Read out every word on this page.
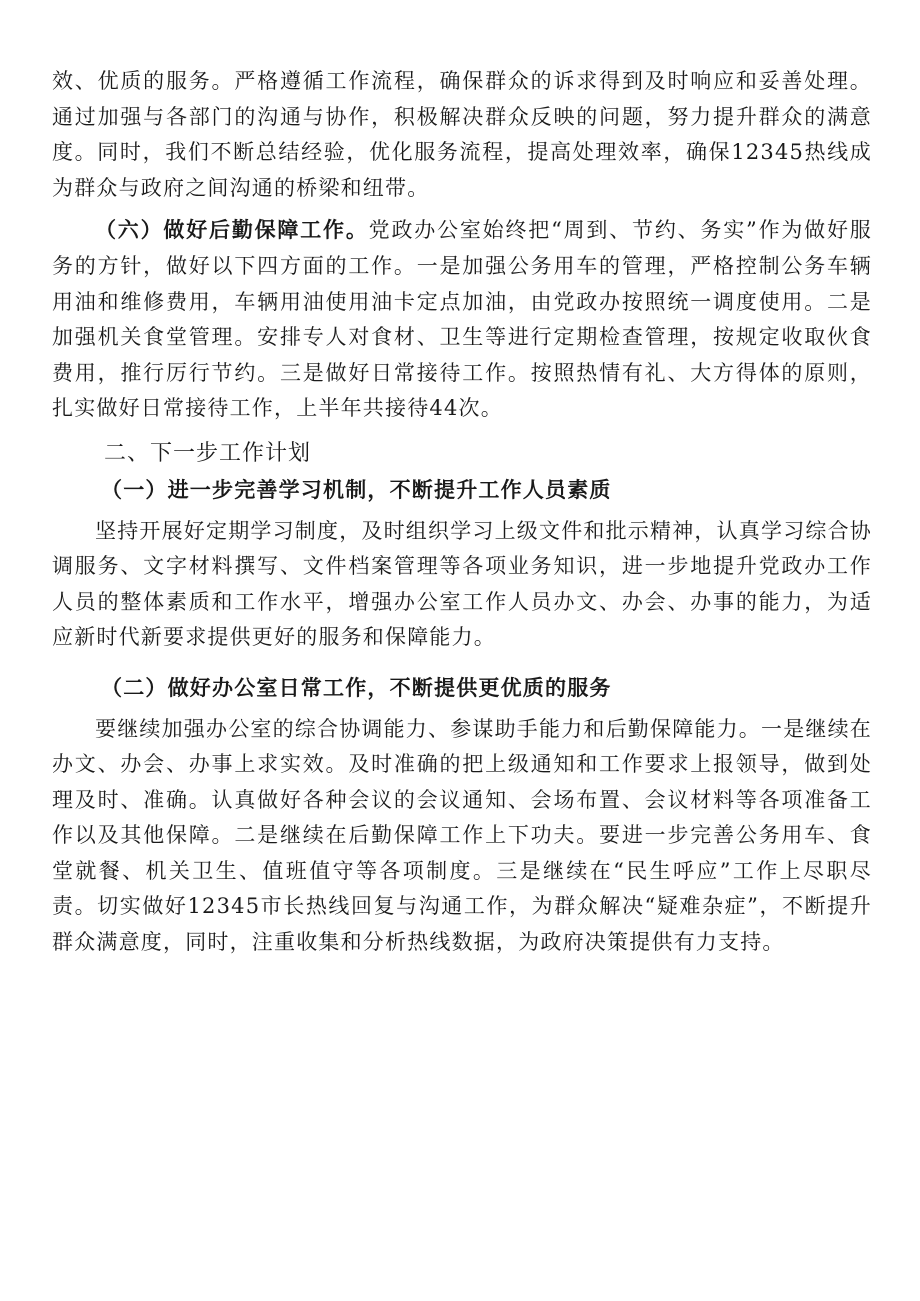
效、优质的服务。严格遵循工作流程，确保群众的诉求得到及时响应和妥善处理。通过加强与各部门的沟通与协作，积极解决群众反映的问题，努力提升群众的满意度。同时，我们不断总结经验，优化服务流程，提高处理效率，确保12345热线成为群众与政府之间沟通的桥梁和纽带。

（六）做好后勤保障工作。党政办公室始终把“周到、节约、务实”作为做好服务的方针，做好以下四方面的工作。一是加强公务用车的管理，严格控制公务车辆用油和维修费用，车辆用油使用油卡定点加油，由党政办按照统一调度使用。二是加强机关食堂管理。安排专人对食材、卫生等进行定期检查管理，按规定收取伙食费用，推行厉行节约。三是做好日常接待工作。按照热情有礼、大方得体的原则，扎实做好日常接待工作，上半年共接待44次。

二、下一步工作计划

（一）进一步完善学习机制，不断提升工作人员素质

坚持开展好定期学习制度，及时组织学习上级文件和批示精神，认真学习综合协调服务、文字材料撰写、文件档案管理等各项业务知识，进一步地提升党政办工作人员的整体素质和工作水平，增强办公室工作人员办文、办会、办事的能力，为适应新时代新要求提供更好的服务和保障能力。

（二）做好办公室日常工作，不断提供更优质的服务

要继续加强办公室的综合协调能力、参谋助手能力和后勤保障能力。一是继续在办文、办会、办事上求实效。及时准确的把上级通知和工作要求上报领导，做到处理及时、准确。认真做好各种会议的会议通知、会场布置、会议材料等各项准备工作以及其他保障。二是继续在后勤保障工作上下功夫。要进一步完善公务用车、食堂就餐、机关卫生、值班值守等各项制度。三是继续在“民生呼应”工作上尽职尽责。切实做好12345市长热线回复与沟通工作，为群众解决“疑难杂症”，不断提升群众满意度，同时，注重收集和分析热线数据，为政府决策提供有力支持。
